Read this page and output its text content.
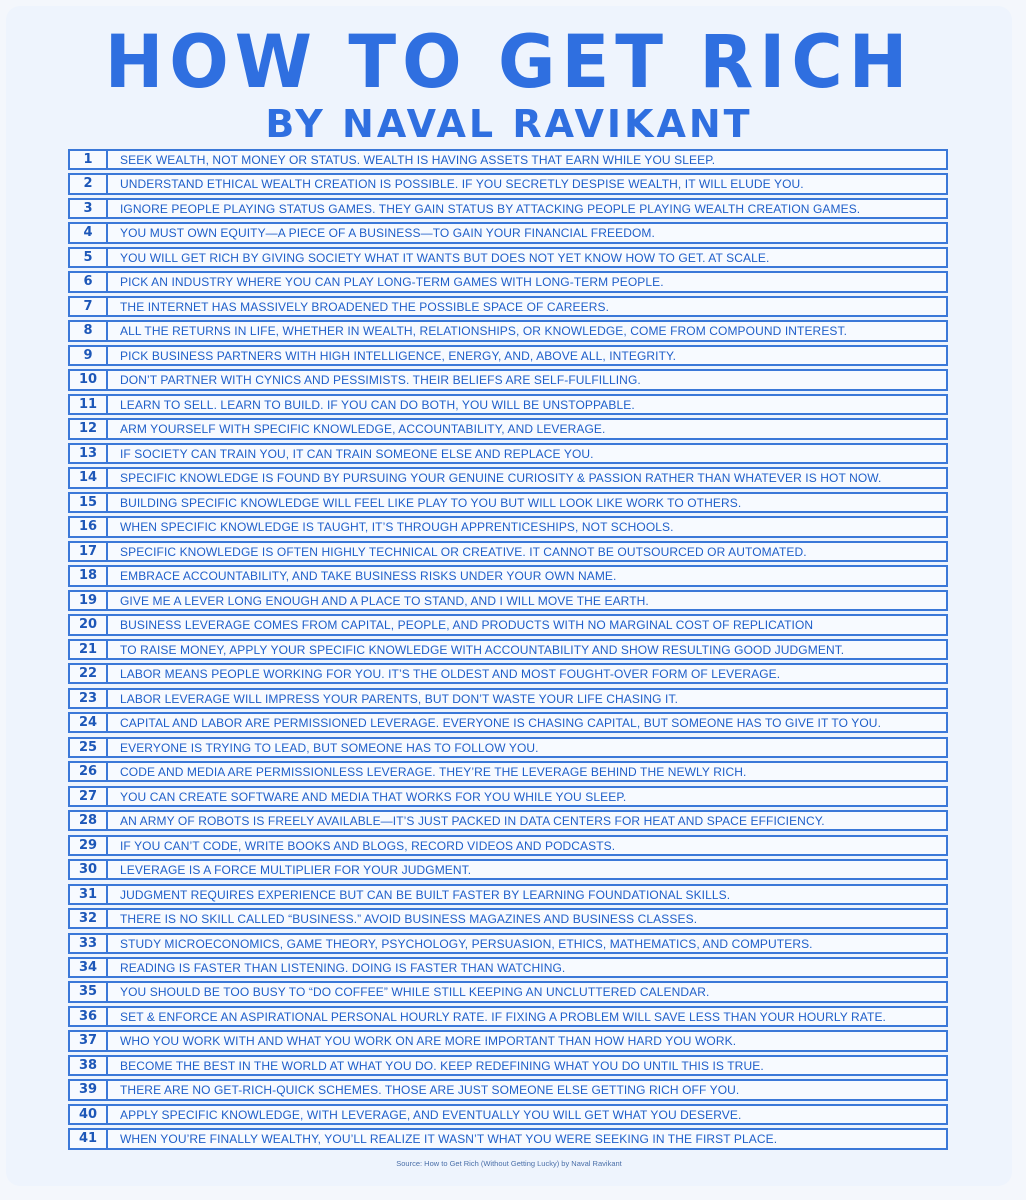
HOW TO GET RICH
BY NAVAL RAVIKANT
1	SEEK WEALTH, NOT MONEY OR STATUS. WEALTH IS HAVING ASSETS THAT EARN WHILE YOU SLEEP.
2	UNDERSTAND ETHICAL WEALTH CREATION IS POSSIBLE. IF YOU SECRETLY DESPISE WEALTH, IT WILL ELUDE YOU.
3	IGNORE PEOPLE PLAYING STATUS GAMES. THEY GAIN STATUS BY ATTACKING PEOPLE PLAYING WEALTH CREATION GAMES.
4	YOU MUST OWN EQUITY—A PIECE OF A BUSINESS—TO GAIN YOUR FINANCIAL FREEDOM.
5	YOU WILL GET RICH BY GIVING SOCIETY WHAT IT WANTS BUT DOES NOT YET KNOW HOW TO GET. AT SCALE.
6	PICK AN INDUSTRY WHERE YOU CAN PLAY LONG-TERM GAMES WITH LONG-TERM PEOPLE.
7	THE INTERNET HAS MASSIVELY BROADENED THE POSSIBLE SPACE OF CAREERS.
8	ALL THE RETURNS IN LIFE, WHETHER IN WEALTH, RELATIONSHIPS, OR KNOWLEDGE, COME FROM COMPOUND INTEREST.
9	PICK BUSINESS PARTNERS WITH HIGH INTELLIGENCE, ENERGY, AND, ABOVE ALL, INTEGRITY.
10	DON’T PARTNER WITH CYNICS AND PESSIMISTS. THEIR BELIEFS ARE SELF-FULFILLING.
11	LEARN TO SELL. LEARN TO BUILD. IF YOU CAN DO BOTH, YOU WILL BE UNSTOPPABLE.
12	ARM YOURSELF WITH SPECIFIC KNOWLEDGE, ACCOUNTABILITY, AND LEVERAGE.
13	IF SOCIETY CAN TRAIN YOU, IT CAN TRAIN SOMEONE ELSE AND REPLACE YOU.
14	SPECIFIC KNOWLEDGE IS FOUND BY PURSUING YOUR GENUINE CURIOSITY & PASSION RATHER THAN WHATEVER IS HOT NOW.
15	BUILDING SPECIFIC KNOWLEDGE WILL FEEL LIKE PLAY TO YOU BUT WILL LOOK LIKE WORK TO OTHERS.
16	WHEN SPECIFIC KNOWLEDGE IS TAUGHT, IT’S THROUGH APPRENTICESHIPS, NOT SCHOOLS.
17	SPECIFIC KNOWLEDGE IS OFTEN HIGHLY TECHNICAL OR CREATIVE. IT CANNOT BE OUTSOURCED OR AUTOMATED.
18	EMBRACE ACCOUNTABILITY, AND TAKE BUSINESS RISKS UNDER YOUR OWN NAME.
19	GIVE ME A LEVER LONG ENOUGH AND A PLACE TO STAND, AND I WILL MOVE THE EARTH.
20	BUSINESS LEVERAGE COMES FROM CAPITAL, PEOPLE, AND PRODUCTS WITH NO MARGINAL COST OF REPLICATION
21	TO RAISE MONEY, APPLY YOUR SPECIFIC KNOWLEDGE WITH ACCOUNTABILITY AND SHOW RESULTING GOOD JUDGMENT.
22	LABOR MEANS PEOPLE WORKING FOR YOU. IT’S THE OLDEST AND MOST FOUGHT-OVER FORM OF LEVERAGE.
23	LABOR LEVERAGE WILL IMPRESS YOUR PARENTS, BUT DON’T WASTE YOUR LIFE CHASING IT.
24	CAPITAL AND LABOR ARE PERMISSIONED LEVERAGE. EVERYONE IS CHASING CAPITAL, BUT SOMEONE HAS TO GIVE IT TO YOU.
25	EVERYONE IS TRYING TO LEAD, BUT SOMEONE HAS TO FOLLOW YOU.
26	CODE AND MEDIA ARE PERMISSIONLESS LEVERAGE. THEY’RE THE LEVERAGE BEHIND THE NEWLY RICH.
27	YOU CAN CREATE SOFTWARE AND MEDIA THAT WORKS FOR YOU WHILE YOU SLEEP.
28	AN ARMY OF ROBOTS IS FREELY AVAILABLE—IT’S JUST PACKED IN DATA CENTERS FOR HEAT AND SPACE EFFICIENCY.
29	IF YOU CAN’T CODE, WRITE BOOKS AND BLOGS, RECORD VIDEOS AND PODCASTS.
30	LEVERAGE IS A FORCE MULTIPLIER FOR YOUR JUDGMENT.
31	JUDGMENT REQUIRES EXPERIENCE BUT CAN BE BUILT FASTER BY LEARNING FOUNDATIONAL SKILLS.
32	THERE IS NO SKILL CALLED “BUSINESS.” AVOID BUSINESS MAGAZINES AND BUSINESS CLASSES.
33	STUDY MICROECONOMICS, GAME THEORY, PSYCHOLOGY, PERSUASION, ETHICS, MATHEMATICS, AND COMPUTERS.
34	READING IS FASTER THAN LISTENING. DOING IS FASTER THAN WATCHING.
35	YOU SHOULD BE TOO BUSY TO “DO COFFEE” WHILE STILL KEEPING AN UNCLUTTERED CALENDAR.
36	SET & ENFORCE AN ASPIRATIONAL PERSONAL HOURLY RATE. IF FIXING A PROBLEM WILL SAVE LESS THAN YOUR HOURLY RATE.
37	WHO YOU WORK WITH AND WHAT YOU WORK ON ARE MORE IMPORTANT THAN HOW HARD YOU WORK.
38	BECOME THE BEST IN THE WORLD AT WHAT YOU DO. KEEP REDEFINING WHAT YOU DO UNTIL THIS IS TRUE.
39	THERE ARE NO GET-RICH-QUICK SCHEMES. THOSE ARE JUST SOMEONE ELSE GETTING RICH OFF YOU.
40	APPLY SPECIFIC KNOWLEDGE, WITH LEVERAGE, AND EVENTUALLY YOU WILL GET WHAT YOU DESERVE.
41	WHEN YOU’RE FINALLY WEALTHY, YOU’LL REALIZE IT WASN’T WHAT YOU WERE SEEKING IN THE FIRST PLACE.
Source: How to Get Rich (Without Getting Lucky) by Naval Ravikant
